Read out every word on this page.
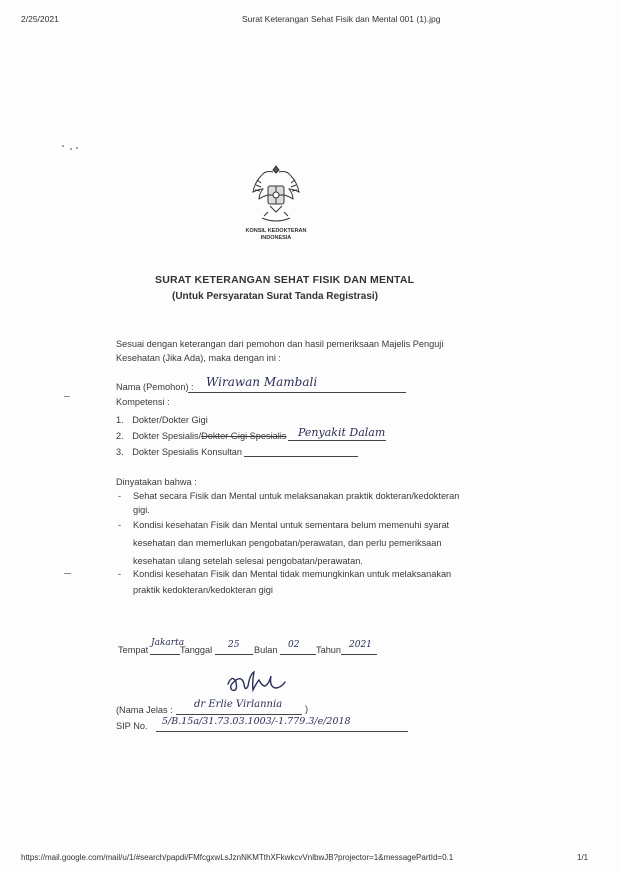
2/25/2021	Surat Keterangan Sehat Fisik dan Mental 001 (1).jpg
KONSIL KEDOKTERAN
INDONESIA
SURAT KETERANGAN SEHAT FISIK DAN MENTAL
(Untuk Persyaratan Surat Tanda Registrasi)
Sesuai dengan keterangan dari pemohon dan hasil pemeriksaan Majelis Penguji
Kesehatan (Jika Ada), maka dengan ini :
Nama (Pemohon) : Wirawan Mambali
Kompetensi :
1. Dokter/Dokter Gigi
2. Dokter Spesialis/Dokter Gigi Spesialis Penyakit Dalam
3. Dokter Spesialis Konsultan
Dinyatakan bahwa :
- Sehat secara Fisik dan Mental untuk melaksanakan praktik dokteran/kedokteran
gigi.
- Kondisi kesehatan Fisik dan Mental untuk sementara belum memenuhi syarat
kesehatan dan memerlukan pengobatan/perawatan, dan perlu pemeriksaan
kesehatan ulang setelah selesai pengobatan/perawatan.
- Kondisi kesehatan Fisik dan Mental tidak memungkinkan untuk melaksanakan
praktik kedokteran/kedokteran gigi
Tempat
Jakarta
Tanggal 25 Bulan 02 Tahun 2021
(Nama Jelas : dr Erlie Virlannia )
SIP No. 5/B.15a/31.73.03.1003/-1.779.3/e/2018
https://mail.google.com/mail/u/1/#search/papdi/FMfcgxwLsJznNKMTthXFkwkcvVnlbwJB?projector=1&messagePartId=0.1	1/1
